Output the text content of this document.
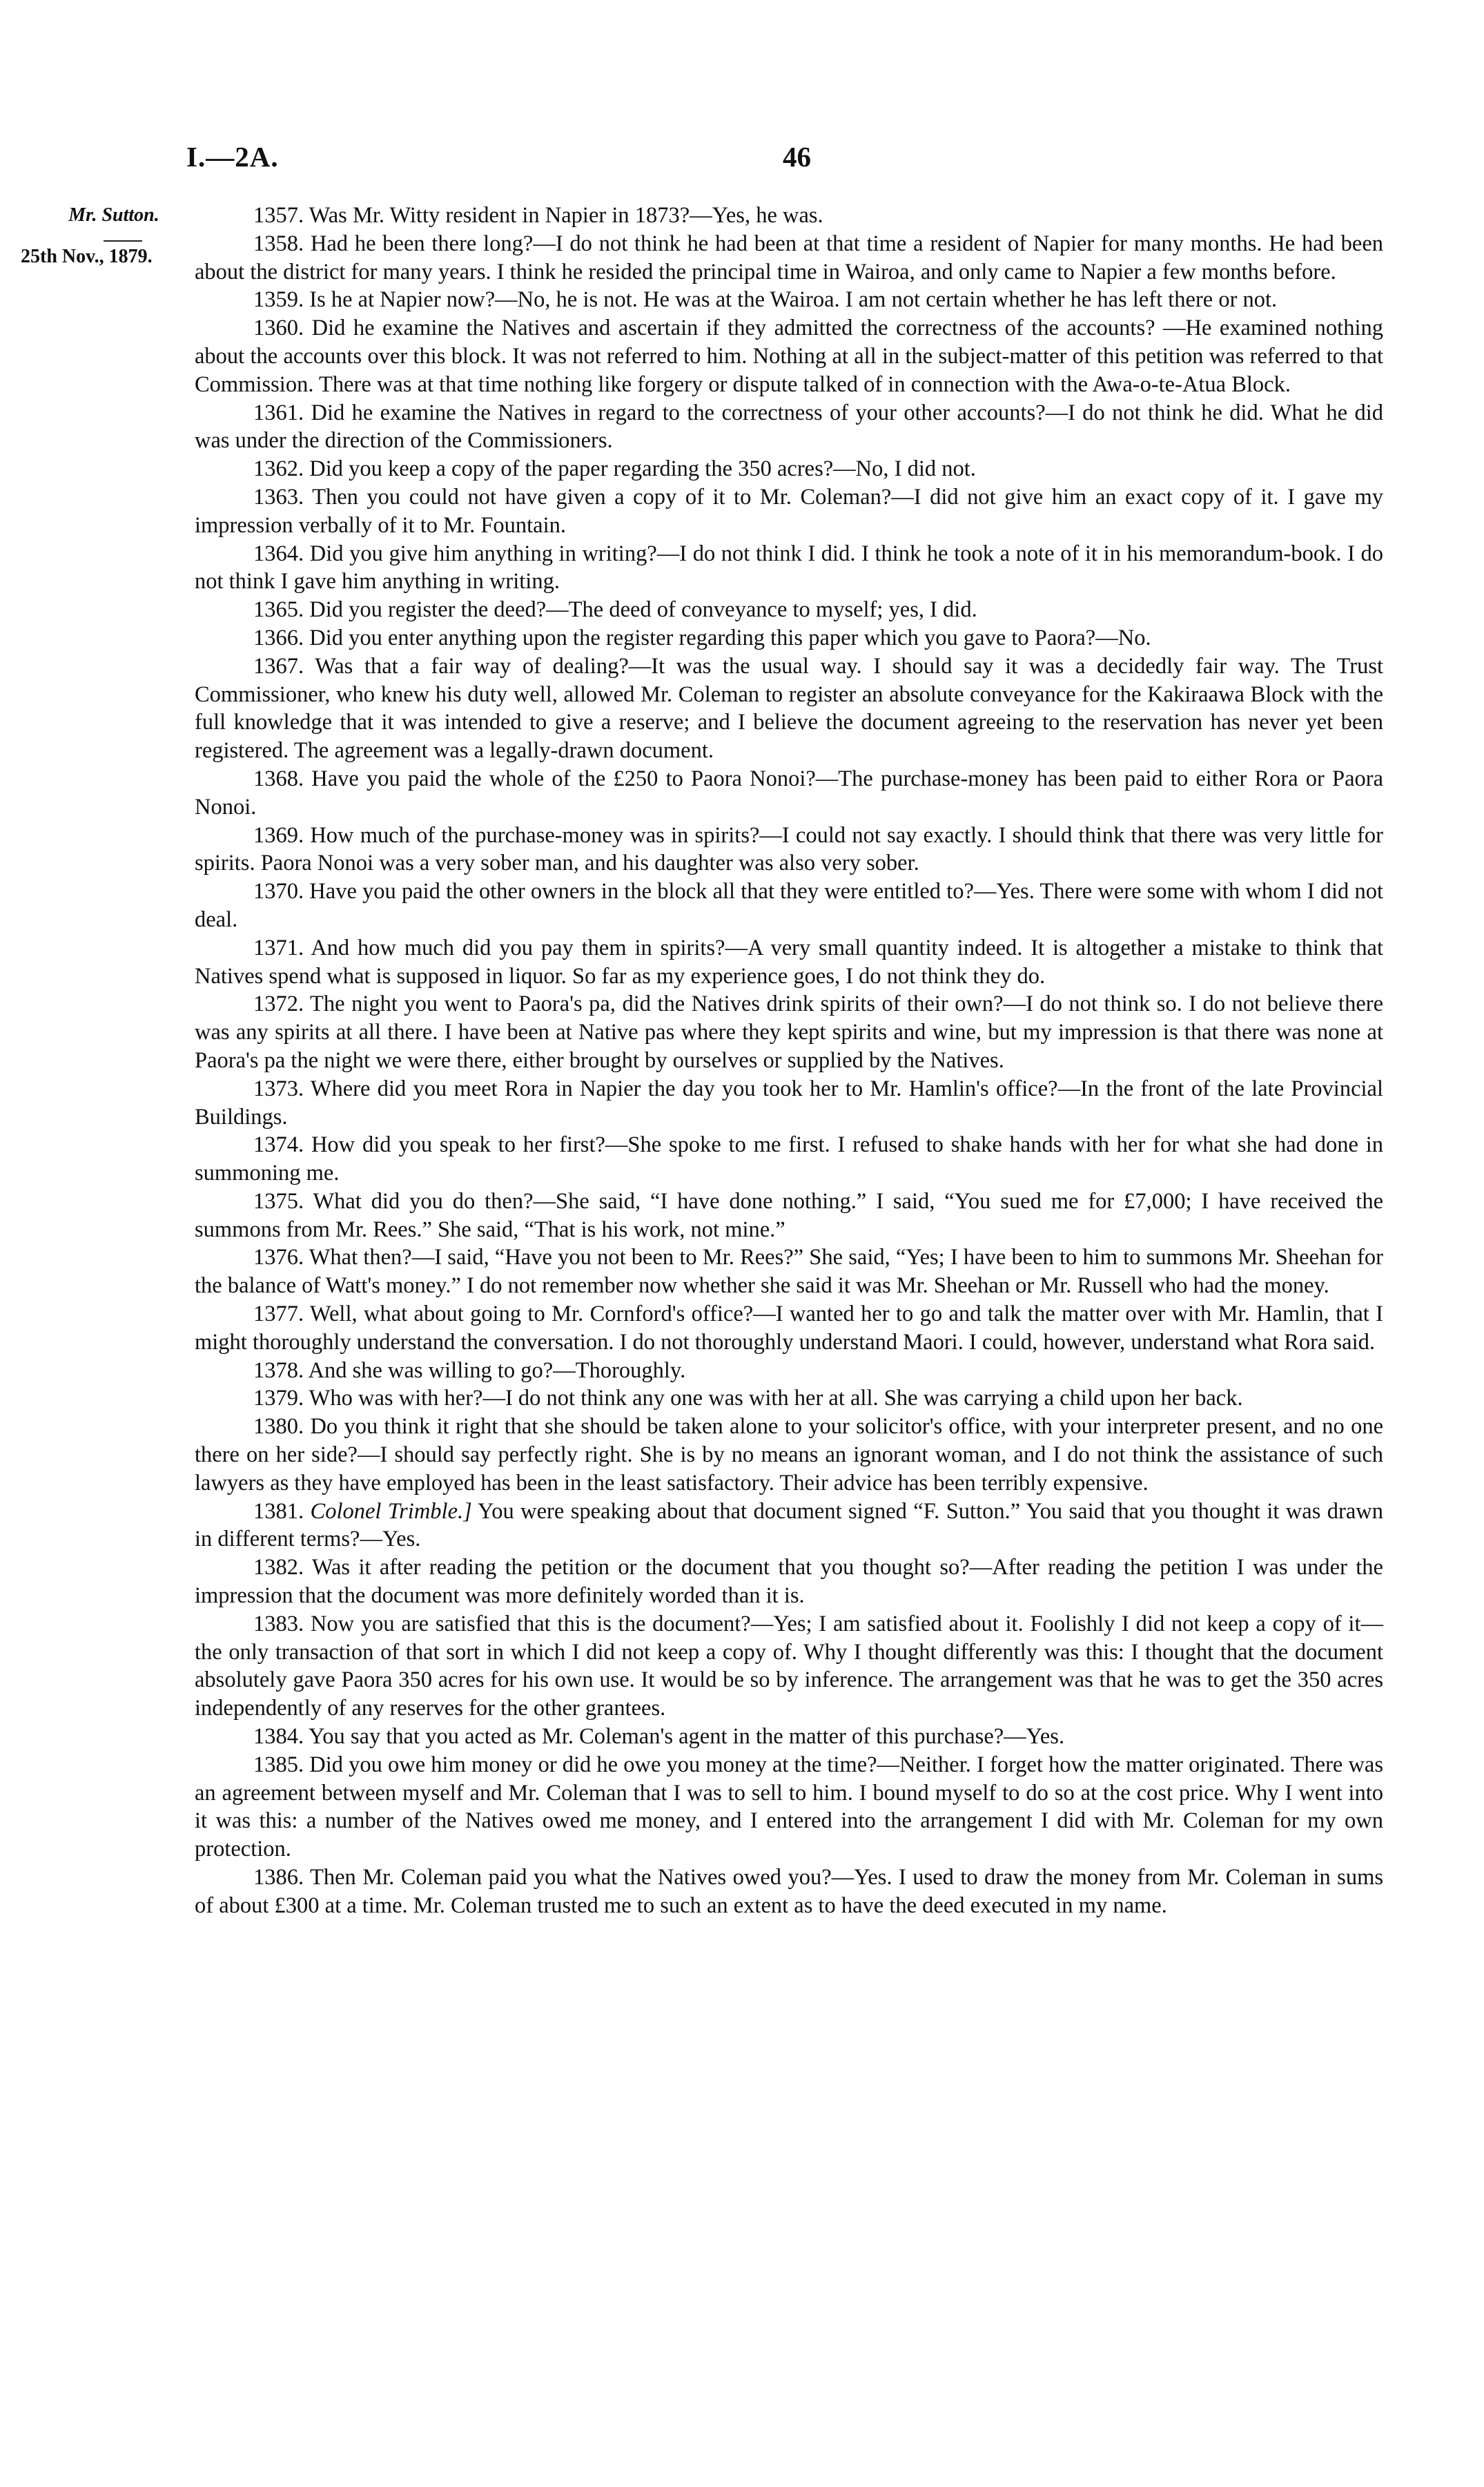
I.—2A.	46
Mr. Sutton.
25th Nov., 1879.

1357. Was Mr. Witty resident in Napier in 1873?—Yes, he was.

1358. Had he been there long?—I do not think he had been at that time a resident of Napier for many months. He had been about the district for many years. I think he resided the principal time in Wairoa, and only came to Napier a few months before.

1359. Is he at Napier now?—No, he is not. He was at the Wairoa. I am not certain whether he has left there or not.

1360. Did he examine the Natives and ascertain if they admitted the correctness of the accounts? —He examined nothing about the accounts over this block. It was not referred to him. Nothing at all in the subject-matter of this petition was referred to that Commission. There was at that time nothing like forgery or dispute talked of in connection with the Awa-o-te-Atua Block.

1361. Did he examine the Natives in regard to the correctness of your other accounts?—I do not think he did. What he did was under the direction of the Commissioners.

1362. Did you keep a copy of the paper regarding the 350 acres?—No, I did not.

1363. Then you could not have given a copy of it to Mr. Coleman?—I did not give him an exact copy of it. I gave my impression verbally of it to Mr. Fountain.

1364. Did you give him anything in writing?—I do not think I did. I think he took a note of it in his memorandum-book. I do not think I gave him anything in writing.

1365. Did you register the deed?—The deed of conveyance to myself; yes, I did.

1366. Did you enter anything upon the register regarding this paper which you gave to Paora?—No.

1367. Was that a fair way of dealing?—It was the usual way. I should say it was a decidedly fair way. The Trust Commissioner, who knew his duty well, allowed Mr. Coleman to register an absolute conveyance for the Kakiraawa Block with the full knowledge that it was intended to give a reserve; and I believe the document agreeing to the reservation has never yet been registered. The agreement was a legally-drawn document.

1368. Have you paid the whole of the £250 to Paora Nonoi?—The purchase-money has been paid to either Rora or Paora Nonoi.

1369. How much of the purchase-money was in spirits?—I could not say exactly. I should think that there was very little for spirits. Paora Nonoi was a very sober man, and his daughter was also very sober.

1370. Have you paid the other owners in the block all that they were entitled to?—Yes. There were some with whom I did not deal.

1371. And how much did you pay them in spirits?—A very small quantity indeed. It is altogether a mistake to think that Natives spend what is supposed in liquor. So far as my experience goes, I do not think they do.

1372. The night you went to Paora's pa, did the Natives drink spirits of their own?—I do not think so. I do not believe there was any spirits at all there. I have been at Native pas where they kept spirits and wine, but my impression is that there was none at Paora's pa the night we were there, either brought by ourselves or supplied by the Natives.

1373. Where did you meet Rora in Napier the day you took her to Mr. Hamlin's office?—In the front of the late Provincial Buildings.

1374. How did you speak to her first?—She spoke to me first. I refused to shake hands with her for what she had done in summoning me.

1375. What did you do then?—She said, “I have done nothing.” I said, “You sued me for £7,000; I have received the summons from Mr. Rees.” She said, “That is his work, not mine.”

1376. What then?—I said, “Have you not been to Mr. Rees?” She said, “Yes; I have been to him to summons Mr. Sheehan for the balance of Watt's money.” I do not remember now whether she said it was Mr. Sheehan or Mr. Russell who had the money.

1377. Well, what about going to Mr. Cornford's office?—I wanted her to go and talk the matter over with Mr. Hamlin, that I might thoroughly understand the conversation. I do not thoroughly understand Maori. I could, however, understand what Rora said.

1378. And she was willing to go?—Thoroughly.

1379. Who was with her?—I do not think any one was with her at all. She was carrying a child upon her back.

1380. Do you think it right that she should be taken alone to your solicitor's office, with your interpreter present, and no one there on her side?—I should say perfectly right. She is by no means an ignorant woman, and I do not think the assistance of such lawyers as they have employed has been in the least satisfactory. Their advice has been terribly expensive.

1381. Colonel Trimble.] You were speaking about that document signed “F. Sutton.” You said that you thought it was drawn in different terms?—Yes.

1382. Was it after reading the petition or the document that you thought so?—After reading the petition I was under the impression that the document was more definitely worded than it is.

1383. Now you are satisfied that this is the document?—Yes; I am satisfied about it. Foolishly I did not keep a copy of it—the only transaction of that sort in which I did not keep a copy of. Why I thought differently was this: I thought that the document absolutely gave Paora 350 acres for his own use. It would be so by inference. The arrangement was that he was to get the 350 acres independently of any reserves for the other grantees.

1384. You say that you acted as Mr. Coleman's agent in the matter of this purchase?—Yes.

1385. Did you owe him money or did he owe you money at the time?—Neither. I forget how the matter originated. There was an agreement between myself and Mr. Coleman that I was to sell to him. I bound myself to do so at the cost price. Why I went into it was this: a number of the Natives owed me money, and I entered into the arrangement I did with Mr. Coleman for my own protection.

1386. Then Mr. Coleman paid you what the Natives owed you?—Yes. I used to draw the money from Mr. Coleman in sums of about £300 at a time. Mr. Coleman trusted me to such an extent as to have the deed executed in my name.
